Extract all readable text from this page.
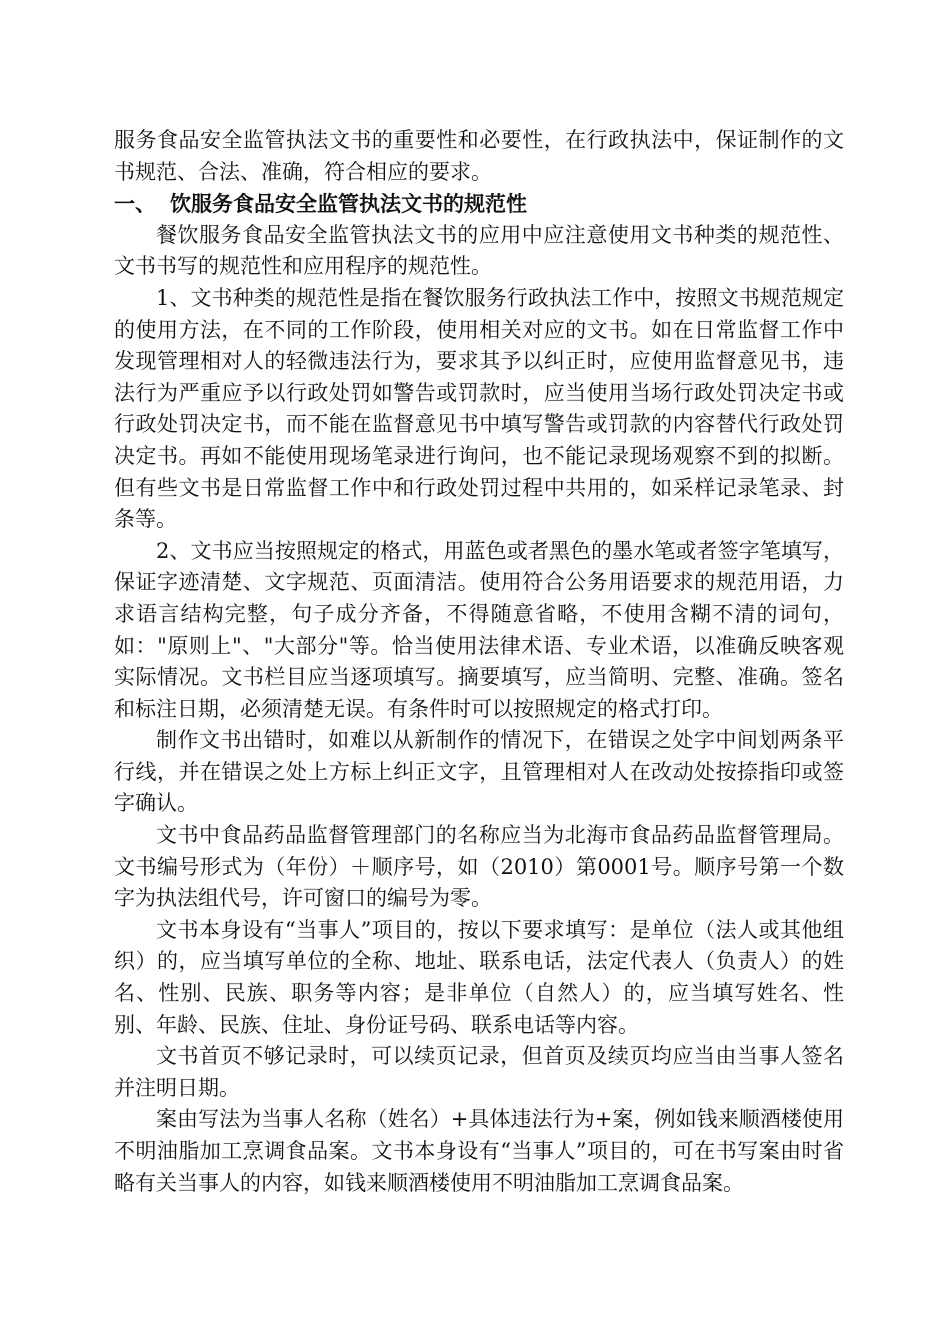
服务食品安全监管执法文书的重要性和必要性，在行政执法中，保证制作的文书规范、合法、准确，符合相应的要求。

一、 饮服务食品安全监管执法文书的规范性

餐饮服务食品安全监管执法文书的应用中应注意使用文书种类的规范性、文书书写的规范性和应用程序的规范性。

1、文书种类的规范性是指在餐饮服务行政执法工作中，按照文书规范规定的使用方法，在不同的工作阶段，使用相关对应的文书。如在日常监督工作中发现管理相对人的轻微违法行为，要求其予以纠正时，应使用监督意见书，违法行为严重应予以行政处罚如警告或罚款时，应当使用当场行政处罚决定书或行政处罚决定书，而不能在监督意见书中填写警告或罚款的内容替代行政处罚决定书。再如不能使用现场笔录进行询问，也不能记录现场观察不到的拟断。但有些文书是日常监督工作中和行政处罚过程中共用的，如采样记录笔录、封条等。

2、文书应当按照规定的格式，用蓝色或者黑色的墨水笔或者签字笔填写，保证字迹清楚、文字规范、页面清洁。使用符合公务用语要求的规范用语，力求语言结构完整，句子成分齐备，不得随意省略，不使用含糊不清的词句，如："原则上"、"大部分"等。恰当使用法律术语、专业术语，以准确反映客观实际情况。文书栏目应当逐项填写。摘要填写，应当简明、完整、准确。签名和标注日期，必须清楚无误。有条件时可以按照规定的格式打印。

制作文书出错时，如难以从新制作的情况下，在错误之处字中间划两条平行线，并在错误之处上方标上纠正文字，且管理相对人在改动处按捺指印或签字确认。

文书中食品药品监督管理部门的名称应当为北海市食品药品监督管理局。文书编号形式为（年份）＋顺序号，如（2010）第0001号。顺序号第一个数字为执法组代号，许可窗口的编号为零。

文书本身设有“当事人”项目的，按以下要求填写：是单位（法人或其他组织）的，应当填写单位的全称、地址、联系电话，法定代表人（负责人）的姓名、性别、民族、职务等内容；是非单位（自然人）的，应当填写姓名、性别、年龄、民族、住址、身份证号码、联系电话等内容。

文书首页不够记录时，可以续页记录，但首页及续页均应当由当事人签名并注明日期。

案由写法为当事人名称（姓名）+具体违法行为+案，例如钱来顺酒楼使用不明油脂加工烹调食品案。文书本身设有“当事人”项目的，可在书写案由时省略有关当事人的内容，如钱来顺酒楼使用不明油脂加工烹调食品案。
